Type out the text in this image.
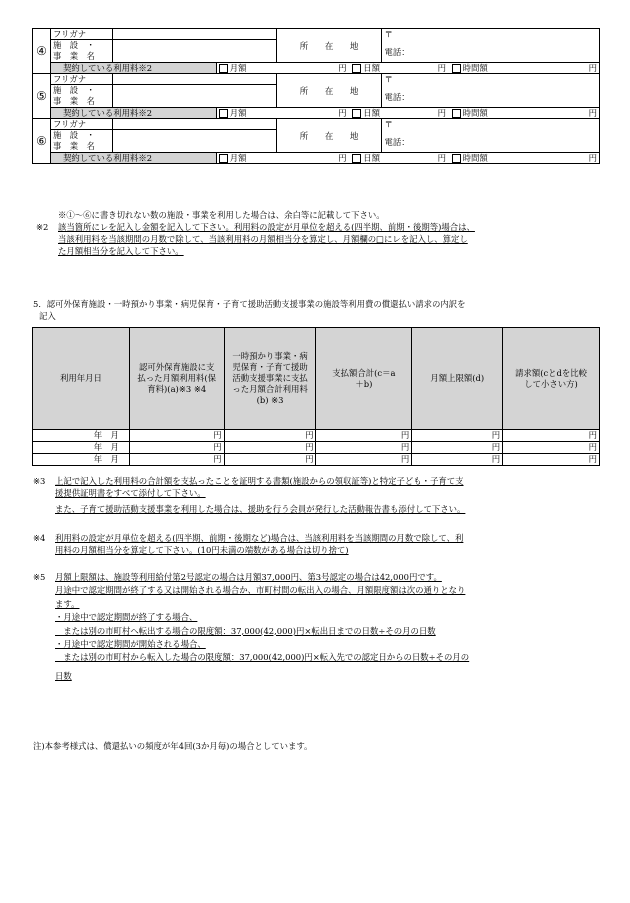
④	フリガナ			所　　在　　地	〒
電話：	

	施　設　・
事　業　名					

	契約している利用料※2		月額	円 日額	円 時間額	円
⑤	フリガナ			所　　在　　地	〒
電話：	

	施　設　・
事　業　名					

	契約している利用料※2		月額	円 日額	円 時間額	円
⑥	フリガナ			所　　在　　地	〒
電話：	

	施　設　・
事　業　名					

	契約している利用料※2		月額	円 日額	円 時間額	円
※①～⑥に書き切れない数の施設・事業を利用した場合は、余白等に記載して下さい。
※2	該当箇所にレを記入し金額を記入して下さい。利用料の設定が月単位を超える(四半期、前期・後期等)場合は、
当該利用料を当該期間の月数で除して、当該利用料の月額相当分を算定し、月額欄の□にレを記入し、算定し
た月額相当分を記入して下さい。
5．認可外保育施設・一時預かり事業・病児保育・子育て援助活動支援事業の施設等利用費の償還払い請求の内訳を
記入
利用年月日	認可外保育施設に支払った月額利用料(保育料)(a)※3 ※4	一時預かり事業・病児保育・子育て援助活動支援事業に支払った月額合計利用料(b) ※3	支払額合計(c＝a＋b)	月額上限額(d)	請求額(cとdを比較して小さい方)
年　月	円	円	円	円	円
年　月	円	円	円	円	円
年　月	円	円	円	円	円
※3	上記で記入した利用料の合計額を支払ったことを証明する書類(施設からの領収証等)と特定子ども・子育て支
援提供証明書をすべて添付して下さい。
また、子育て援助活動支援事業を利用した場合は、援助を行う会員が発行した活動報告書も添付して下さい。
※4	利用料の設定が月単位を超える(四半期、前期・後期など)場合は、当該利用料を当該期間の月数で除して、利
用料の月額相当分を算定して下さい。(10円未満の端数がある場合は切り捨て)
※5	月額上限額は、施設等利用給付第2号認定の場合は月額37,000円、第3号認定の場合は42,000円です。
月途中で認定期間が終了する又は開始される場合か、市町村間の転出入の場合、月額限度額は次の通りとなり
ます。
・月途中で認定期間が終了する場合、
　または別の市町村へ転出する場合の限度額：37,000(42,000)円×転出日までの日数÷その月の日数
・月途中で認定期間が開始される場合、
　または別の市町村から転入した場合の限度額：37,000(42,000)円×転入先での認定日からの日数÷その月の
日数
注)本参考様式は、償還払いの頻度が年4回(3か月毎)の場合としています。
